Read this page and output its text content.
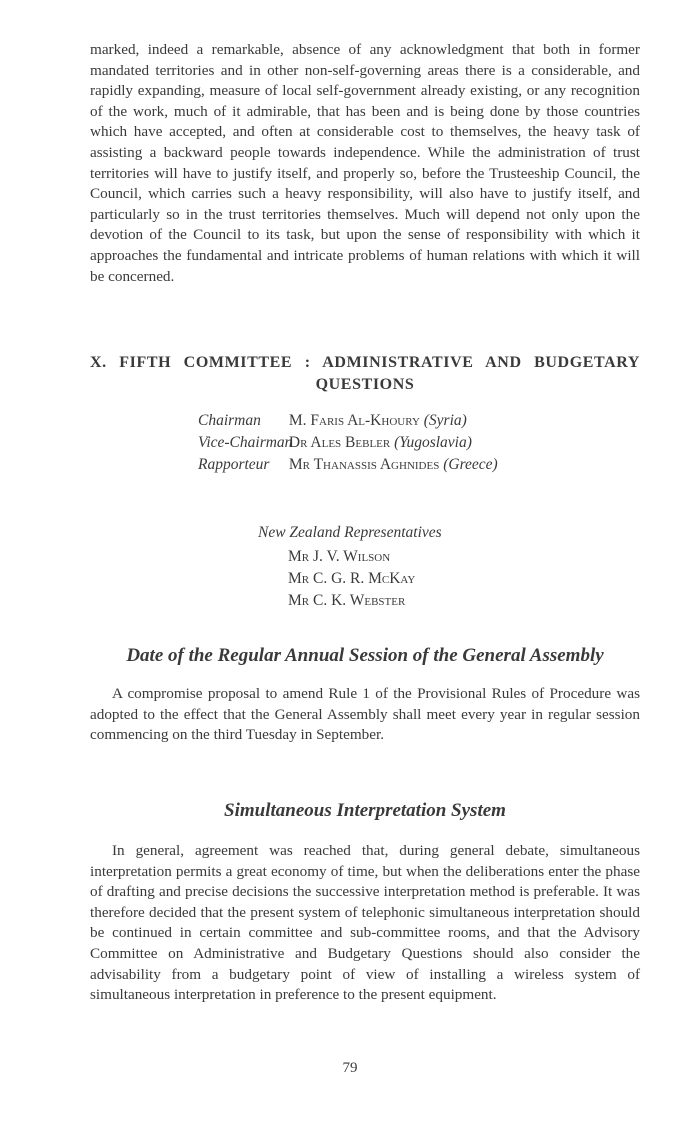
marked, indeed a remarkable, absence of any acknowledgment that both in former mandated territories and in other non-self-governing areas there is a considerable, and rapidly expanding, measure of local self-government already existing, or any recognition of the work, much of it admirable, that has been and is being done by those countries which have accepted, and often at considerable cost to themselves, the heavy task of assisting a backward people towards independence. While the administration of trust territories will have to justify itself, and properly so, before the Trusteeship Council, the Council, which carries such a heavy responsibility, will also have to justify itself, and particularly so in the trust territories themselves. Much will depend not only upon the devotion of the Council to its task, but upon the sense of responsibility with which it approaches the fundamental and intricate problems of human relations with which it will be concerned.

X. FIFTH COMMITTEE : ADMINISTRATIVE AND BUDGETARY
QUESTIONS
Chairman M. Faris Al-Khoury (Syria)
Vice-Chairman Dr Ales Bebler (Yugoslavia)
Rapporteur Mr Thanassis Aghnides (Greece)
New Zealand Representatives
Mr J. V. Wilson
Mr C. G. R. McKay
Mr C. K. Webster
Date of the Regular Annual Session of the General Assembly

A compromise proposal to amend Rule 1 of the Provisional Rules of Procedure was adopted to the effect that the General Assembly shall meet every year in regular session commencing on the third Tuesday in September.

Simultaneous Interpretation System

In general, agreement was reached that, during general debate, simultaneous interpretation permits a great economy of time, but when the deliberations enter the phase of drafting and precise decisions the successive interpretation method is preferable. It was therefore decided that the present system of telephonic simultaneous interpretation should be continued in certain committee and sub-committee rooms, and that the Advisory Committee on Administrative and Budgetary Questions should also consider the advisability from a budgetary point of view of installing a wireless system of simultaneous interpretation in preference to the present equipment.

79
